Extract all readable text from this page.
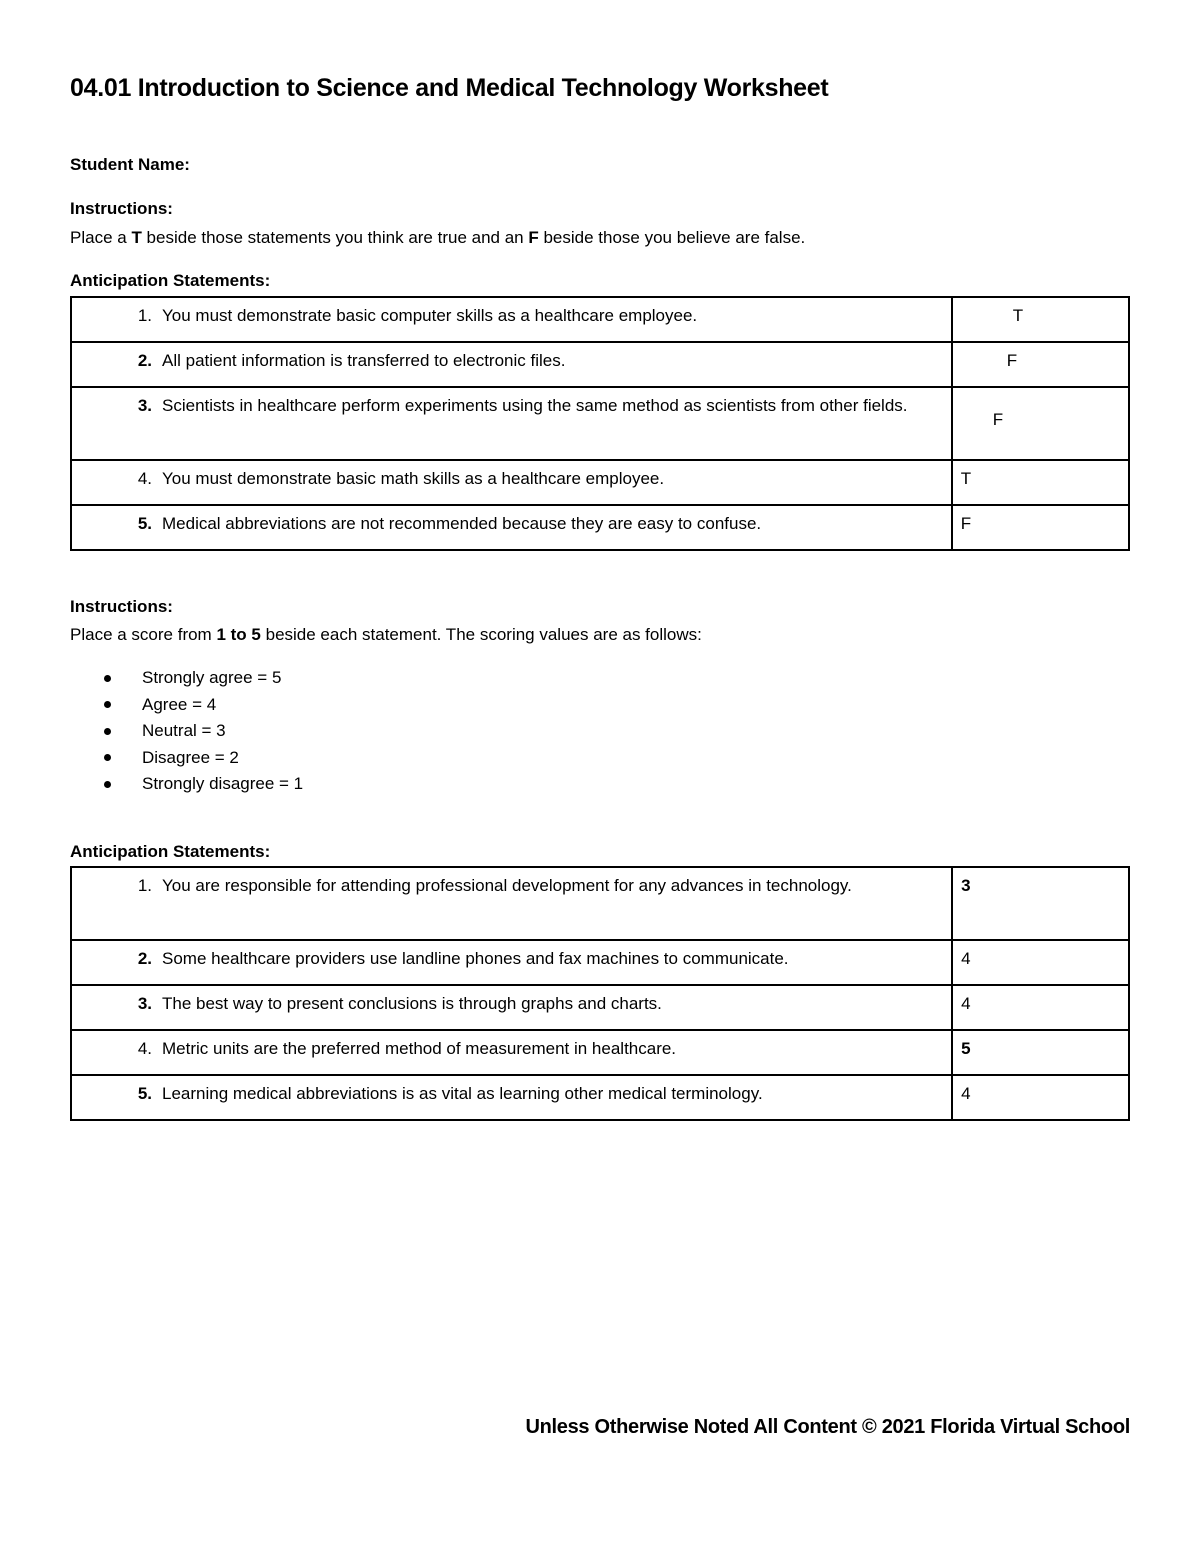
04.01 Introduction to Science and Medical Technology Worksheet
Student Name:
Instructions:
Place a T beside those statements you think are true and an F beside those you believe are false.
Anticipation Statements:
1. You must demonstrate basic computer skills as a healthcare employee.	T

2. All patient information is transferred to electronic files.	F

3. Scientists in healthcare perform experiments using the same method as scientists from other fields.	F

4. You must demonstrate basic math skills as a healthcare employee.	T

5. Medical abbreviations are not recommended because they are easy to confuse.	F
Instructions:
Place a score from 1 to 5 beside each statement. The scoring values are as follows:
Strongly agree = 5
Agree = 4
Neutral = 3
Disagree = 2
Strongly disagree = 1
Anticipation Statements:
1. You are responsible for attending professional development for any advances in technology.	3

2. Some healthcare providers use landline phones and fax machines to communicate.	4

3. The best way to present conclusions is through graphs and charts.	4

4. Metric units are the preferred method of measurement in healthcare.	5

5. Learning medical abbreviations is as vital as learning other medical terminology.	4
Unless Otherwise Noted All Content © 2021 Florida Virtual School
